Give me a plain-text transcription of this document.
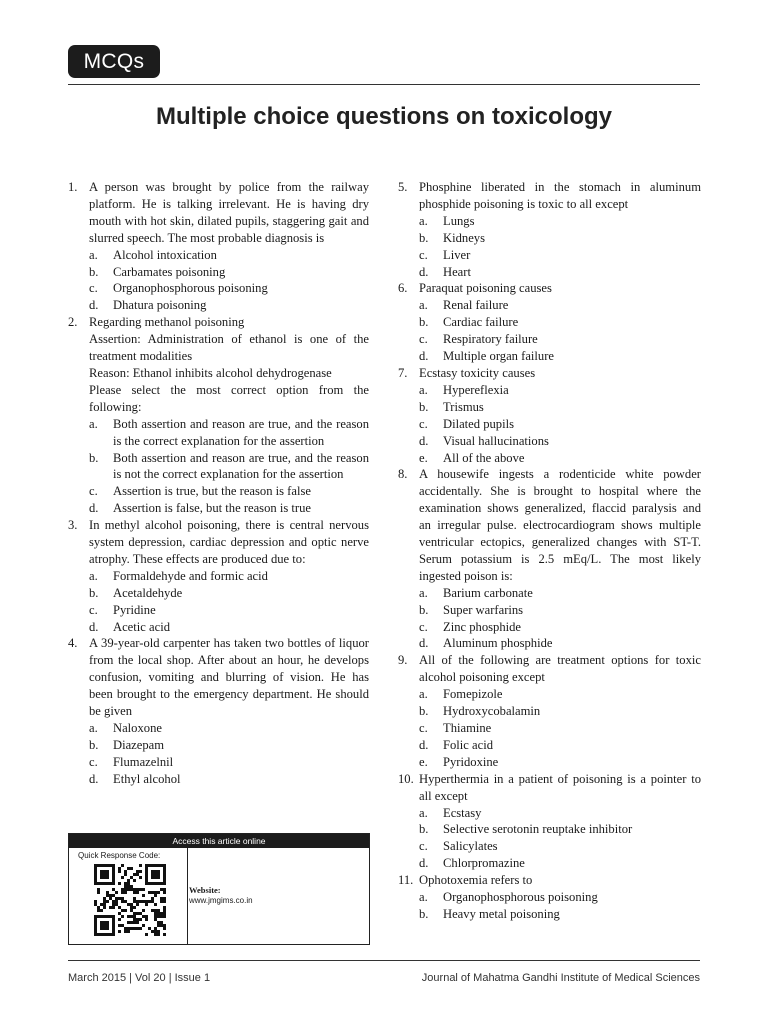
MCQs
Multiple choice questions on toxicology
1. A person was brought by police from the railway platform. He is talking irrelevant. He is having dry mouth with hot skin, dilated pupils, staggering gait and slurred speech. The most probable diagnosis is
a.	Alcohol intoxication
b.	Carbamates poisoning
c.	Organophosphorous poisoning
d.	Dhatura poisoning
2. Regarding methanol poisoning
Assertion: Administration of ethanol is one of the treatment modalities
Reason: Ethanol inhibits alcohol dehydrogenase
Please select the most correct option from the following:
a.	Both assertion and reason are true, and the reason is the correct explanation for the assertion
b.	Both assertion and reason are true, and the reason is not the correct explanation for the assertion
c.	Assertion is true, but the reason is false
d.	Assertion is false, but the reason is true
3. In methyl alcohol poisoning, there is central nervous system depression, cardiac depression and optic nerve atrophy. These effects are produced due to:
a.	Formaldehyde and formic acid
b.	Acetaldehyde
c.	Pyridine
d.	Acetic acid
4. A 39-year-old carpenter has taken two bottles of liquor from the local shop. After about an hour, he develops confusion, vomiting and blurring of vision. He has been brought to the emergency department. He should be given
a.	Naloxone
b.	Diazepam
c.	Flumazelnil
d.	Ethyl alcohol
5. Phosphine liberated in the stomach in aluminum phosphide poisoning is toxic to all except
a.	Lungs
b.	Kidneys
c.	Liver
d.	Heart
6. Paraquat poisoning causes
a.	Renal failure
b.	Cardiac failure
c.	Respiratory failure
d.	Multiple organ failure
7. Ecstasy toxicity causes
a.	Hypereflexia
b.	Trismus
c.	Dilated pupils
d.	Visual hallucinations
e.	All of the above
8. A housewife ingests a rodenticide white powder accidentally. She is brought to hospital where the examination shows generalized, flaccid paralysis and an irregular pulse. electrocardiogram shows multiple ventricular ectopics, generalized changes with ST-T. Serum potassium is 2.5 mEq/L. The most likely ingested poison is:
a.	Barium carbonate
b.	Super warfarins
c.	Zinc phosphide
d.	Aluminum phosphide
9. All of the following are treatment options for toxic alcohol poisoning except
a.	Fomepizole
b.	Hydroxycobalamin
c.	Thiamine
d.	Folic acid
e.	Pyridoxine
10. Hyperthermia in a patient of poisoning is a pointer to all except
a.	Ecstasy
b.	Selective serotonin reuptake inhibitor
c.	Salicylates
d.	Chlorpromazine
11. Ophotoxemia refers to
a.	Organophosphorous poisoning
b.	Heavy metal poisoning
Access this article online
Quick Response Code:
Website:
www.jmgims.co.in
March 2015 | Vol 20 | Issue 1	Journal of Mahatma Gandhi Institute of Medical Sciences
